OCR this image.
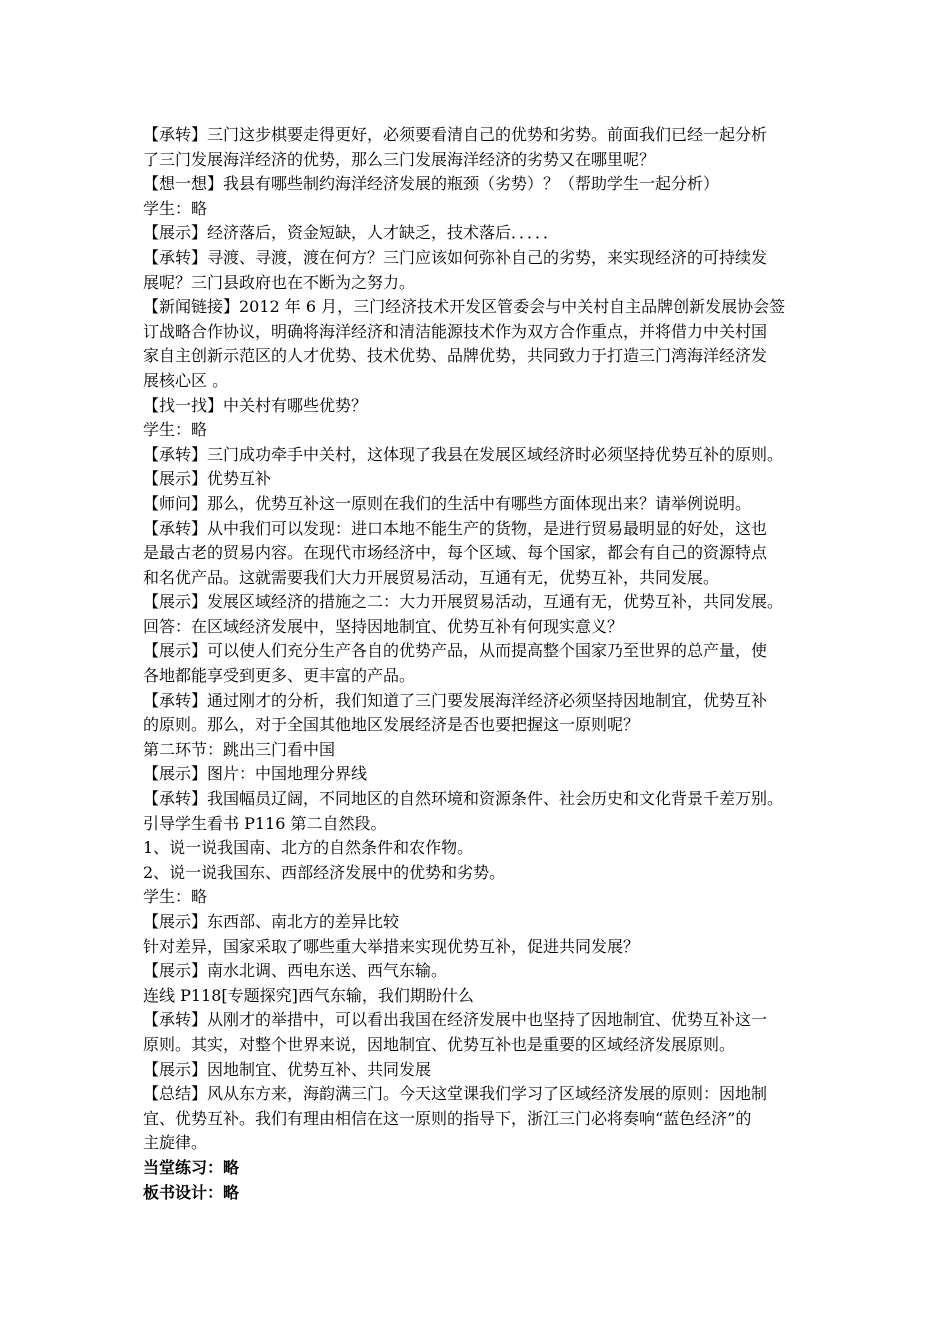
【承转】三门这步棋要走得更好，必须要看清自己的优势和劣势。前面我们已经一起分析
了三门发展海洋经济的优势，那么三门发展海洋经济的劣势又在哪里呢？
【想一想】我县有哪些制约海洋经济发展的瓶颈（劣势）？（帮助学生一起分析）
学生：略
【展示】经济落后，资金短缺，人才缺乏，技术落后．．．．．
【承转】寻渡、寻渡，渡在何方？三门应该如何弥补自己的劣势，来实现经济的可持续发
展呢？三门县政府也在不断为之努力。
【新闻链接】2012 年 6 月，三门经济技术开发区管委会与中关村自主品牌创新发展协会签
订战略合作协议，明确将海洋经济和清洁能源技术作为双方合作重点，并将借力中关村国
家自主创新示范区的人才优势、技术优势、品牌优势，共同致力于打造三门湾海洋经济发
展核心区 。
【找一找】中关村有哪些优势？
学生：略
【承转】三门成功牵手中关村，这体现了我县在发展区域经济时必须坚持优势互补的原则。
【展示】优势互补
【师问】那么，优势互补这一原则在我们的生活中有哪些方面体现出来？请举例说明。
【承转】从中我们可以发现：进口本地不能生产的货物，是进行贸易最明显的好处，这也
是最古老的贸易内容。在现代市场经济中，每个区域、每个国家，都会有自己的资源特点
和名优产品。这就需要我们大力开展贸易活动，互通有无，优势互补，共同发展。
【展示】发展区域经济的措施之二：大力开展贸易活动，互通有无，优势互补，共同发展。
回答：在区域经济发展中，坚持因地制宜、优势互补有何现实意义？
【展示】可以使人们充分生产各自的优势产品，从而提高整个国家乃至世界的总产量，使
各地都能享受到更多、更丰富的产品。
【承转】通过刚才的分析，我们知道了三门要发展海洋经济必须坚持因地制宜，优势互补
的原则。那么，对于全国其他地区发展经济是否也要把握这一原则呢？
第二环节：跳出三门看中国
【展示】图片：中国地理分界线
【承转】我国幅员辽阔，不同地区的自然环境和资源条件、社会历史和文化背景千差万别。
引导学生看书 P116 第二自然段。
1、说一说我国南、北方的自然条件和农作物。
2、说一说我国东、西部经济发展中的优势和劣势。
学生：略
【展示】东西部、南北方的差异比较
针对差异，国家采取了哪些重大举措来实现优势互补，促进共同发展？
【展示】南水北调、西电东送、西气东输。
连线 P118[专题探究]西气东输，我们期盼什么
【承转】从刚才的举措中，可以看出我国在经济发展中也坚持了因地制宜、优势互补这一
原则。其实，对整个世界来说，因地制宜、优势互补也是重要的区域经济发展原则。
【展示】因地制宜、优势互补、共同发展
【总结】风从东方来，海韵满三门。今天这堂课我们学习了区域经济发展的原则：因地制
宜、优势互补。我们有理由相信在这一原则的指导下，浙江三门必将奏响“蓝色经济”的
主旋律。
当堂练习：略
板书设计：略
